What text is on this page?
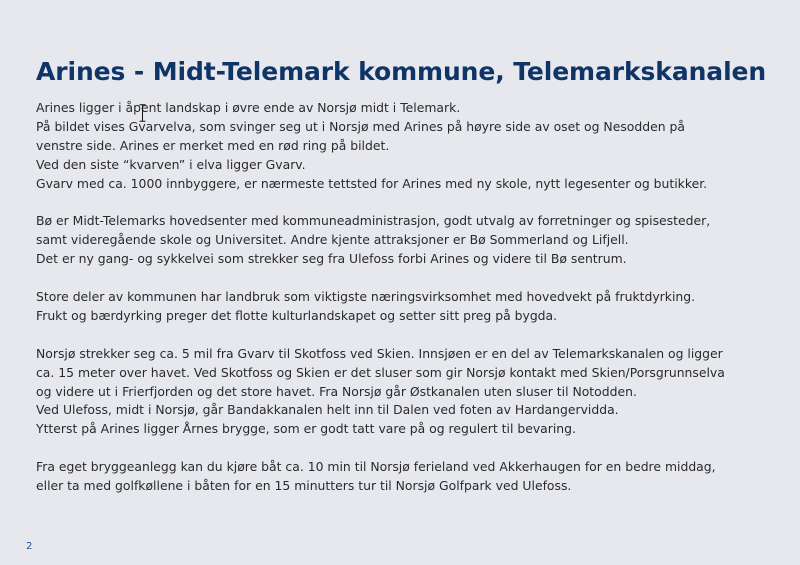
Arines - Midt-Telemark kommune, Telemarkskanalen

Arines ligger i åpent landskap i øvre ende av Norsjø midt i Telemark.
På bildet vises Gvarvelva, som svinger seg ut i Norsjø med Arines på høyre side av oset og Nesodden på
venstre side. Arines er merket med en rød ring på bildet.
Ved den siste “kvarven” i elva ligger Gvarv.
Gvarv med ca. 1000 innbyggere, er nærmeste tettsted for Arines med ny skole, nytt legesenter og butikker.

Bø er Midt-Telemarks hovedsenter med kommuneadministrasjon, godt utvalg av forretninger og spisesteder,
samt videregående skole og Universitet. Andre kjente attraksjoner er Bø Sommerland og Lifjell.
Det er ny gang- og sykkelvei som strekker seg fra Ulefoss forbi Arines og videre til Bø sentrum.

Store deler av kommunen har landbruk som viktigste næringsvirksomhet med hovedvekt på fruktdyrking.
Frukt og bærdyrking preger det flotte kulturlandskapet og setter sitt preg på bygda.

Norsjø strekker seg ca. 5 mil fra Gvarv til Skotfoss ved Skien. Innsjøen er en del av Telemarkskanalen og ligger
ca. 15 meter over havet. Ved Skotfoss og Skien er det sluser som gir Norsjø kontakt med Skien/Porsgrunnselva
og videre ut i Frierfjorden og det store havet. Fra Norsjø går Østkanalen uten sluser til Notodden.
Ved Ulefoss, midt i Norsjø, går Bandakkanalen helt inn til Dalen ved foten av Hardangervidda.
Ytterst på Arines ligger Årnes brygge, som er godt tatt vare på og regulert til bevaring.

Fra eget bryggeanlegg kan du kjøre båt ca. 10 min til Norsjø ferieland ved Akkerhaugen for en bedre middag,
eller ta med golfkøllene i båten for en 15 minutters tur til Norsjø Golfpark ved Ulefoss.

2
